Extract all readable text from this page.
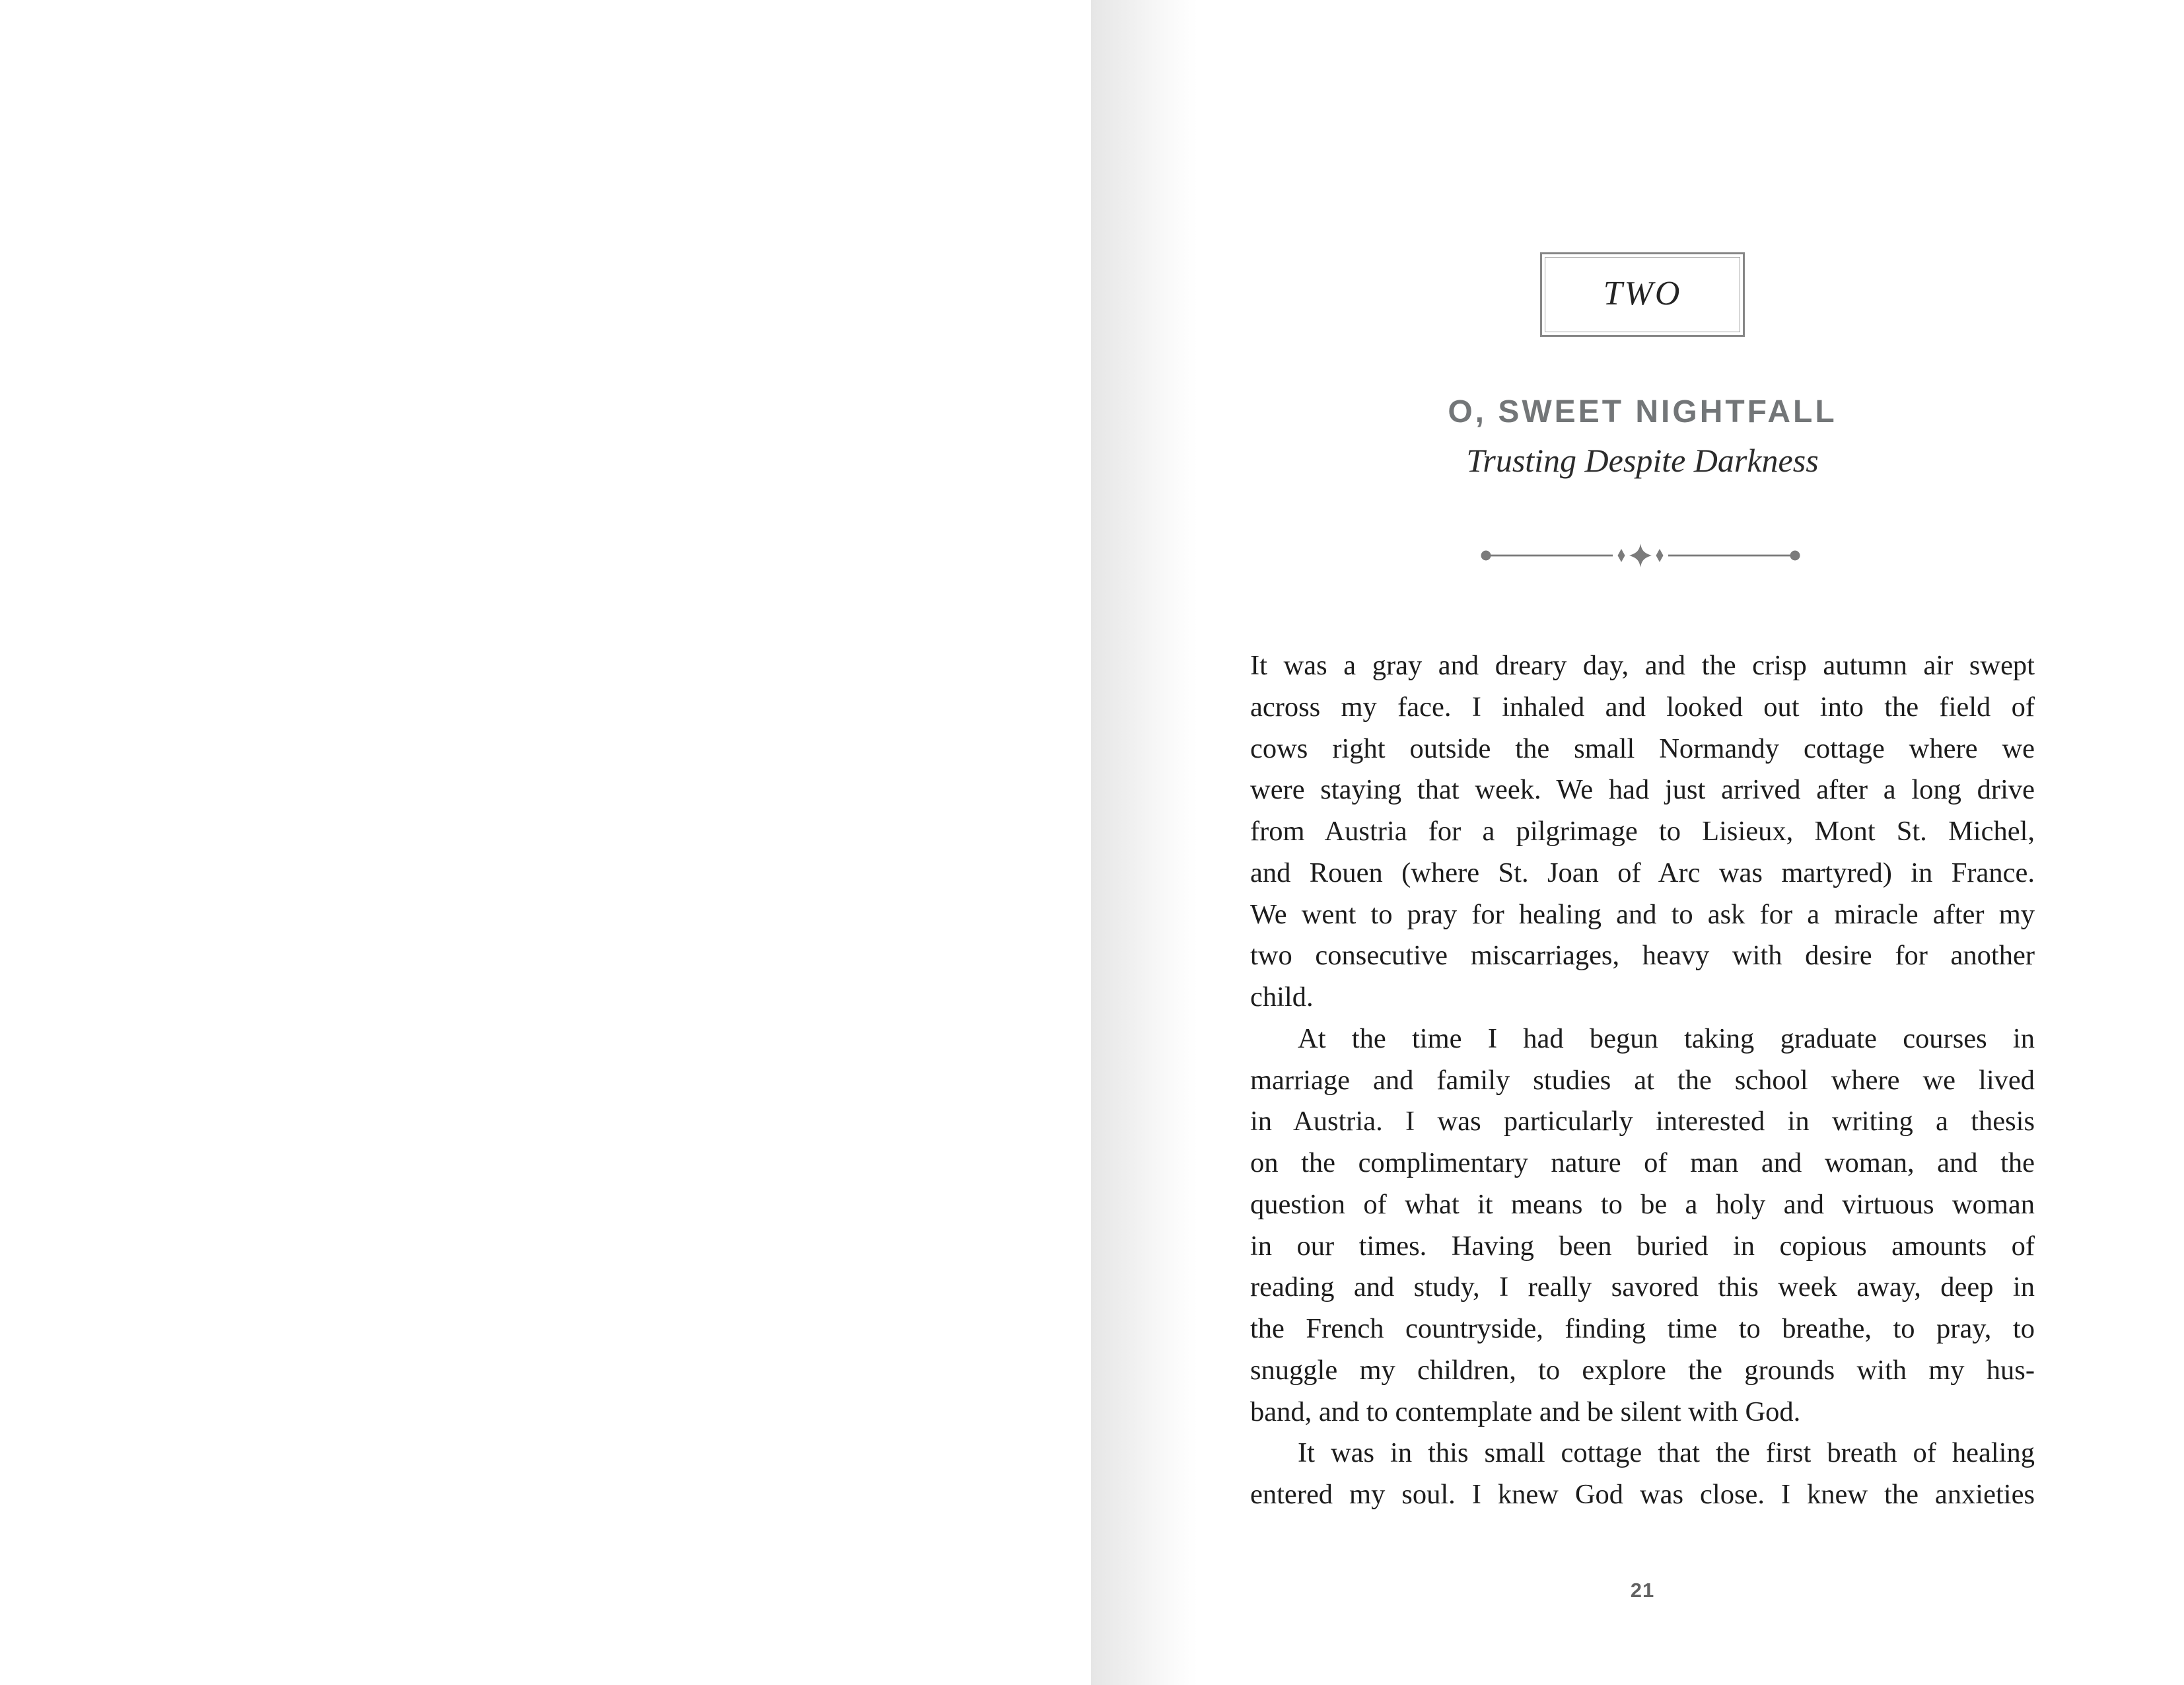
TWO
O, SWEET NIGHTFALL
Trusting Despite Darkness
It was a gray and dreary day, and the crisp autumn air swept
across my face. I inhaled and looked out into the field of
cows right outside the small Normandy cottage where we
were staying that week. We had just arrived after a long drive
from Austria for a pilgrimage to Lisieux, Mont St. Michel,
and Rouen (where St. Joan of Arc was martyred) in France.
We went to pray for healing and to ask for a miracle after my
two consecutive miscarriages, heavy with desire for another
child.
At the time I had begun taking graduate courses in
marriage and family studies at the school where we lived
in Austria. I was particularly interested in writing a thesis
on the complimentary nature of man and woman, and the
question of what it means to be a holy and virtuous woman
in our times. Having been buried in copious amounts of
reading and study, I really savored this week away, deep in
the French countryside, finding time to breathe, to pray, to
snuggle my children, to explore the grounds with my hus-
band, and to contemplate and be silent with God.
It was in this small cottage that the first breath of healing
entered my soul. I knew God was close. I knew the anxieties
21
